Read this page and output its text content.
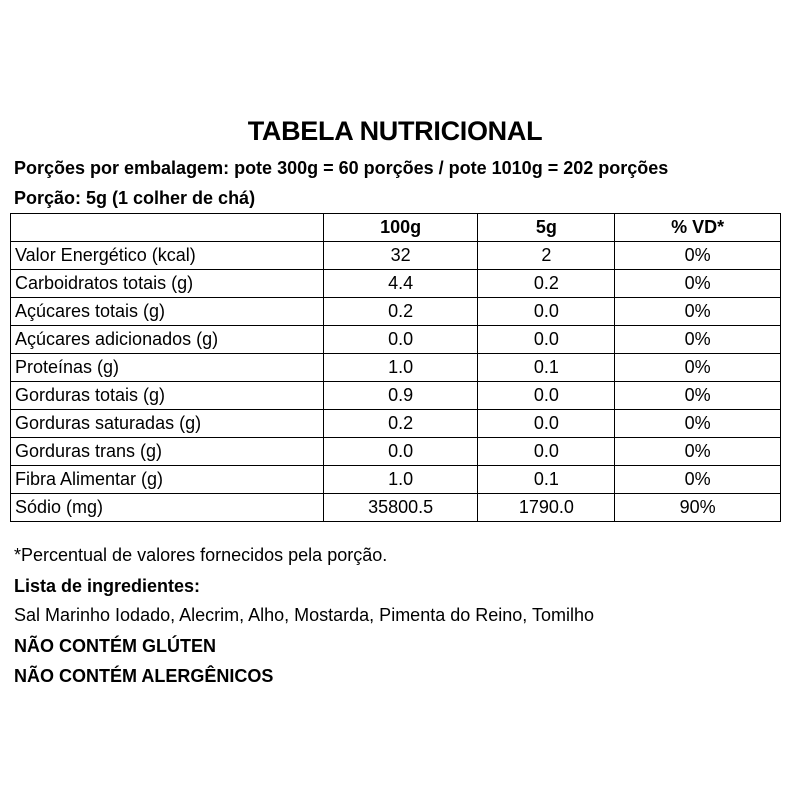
TABELA NUTRICIONAL
Porções por embalagem: pote 300g = 60 porções / pote 1010g = 202 porções
Porção: 5g (1 colher de chá)
	100g	5g	% VD*
Valor Energético (kcal)	32	2	0%
Carboidratos totais (g)	4.4	0.2	0%
Açúcares totais (g)	0.2	0.0	0%
Açúcares adicionados (g)	0.0	0.0	0%
Proteínas (g)	1.0	0.1	0%
Gorduras totais (g)	0.9	0.0	0%
Gorduras saturadas (g)	0.2	0.0	0%
Gorduras trans (g)	0.0	0.0	0%
Fibra Alimentar (g)	1.0	0.1	0%
Sódio (mg)	35800.5	1790.0	90%
*Percentual de valores fornecidos pela porção.
Lista de ingredientes:
Sal Marinho Iodado, Alecrim, Alho, Mostarda, Pimenta do Reino, Tomilho
NÃO CONTÉM GLÚTEN
NÃO CONTÉM ALERGÊNICOS
